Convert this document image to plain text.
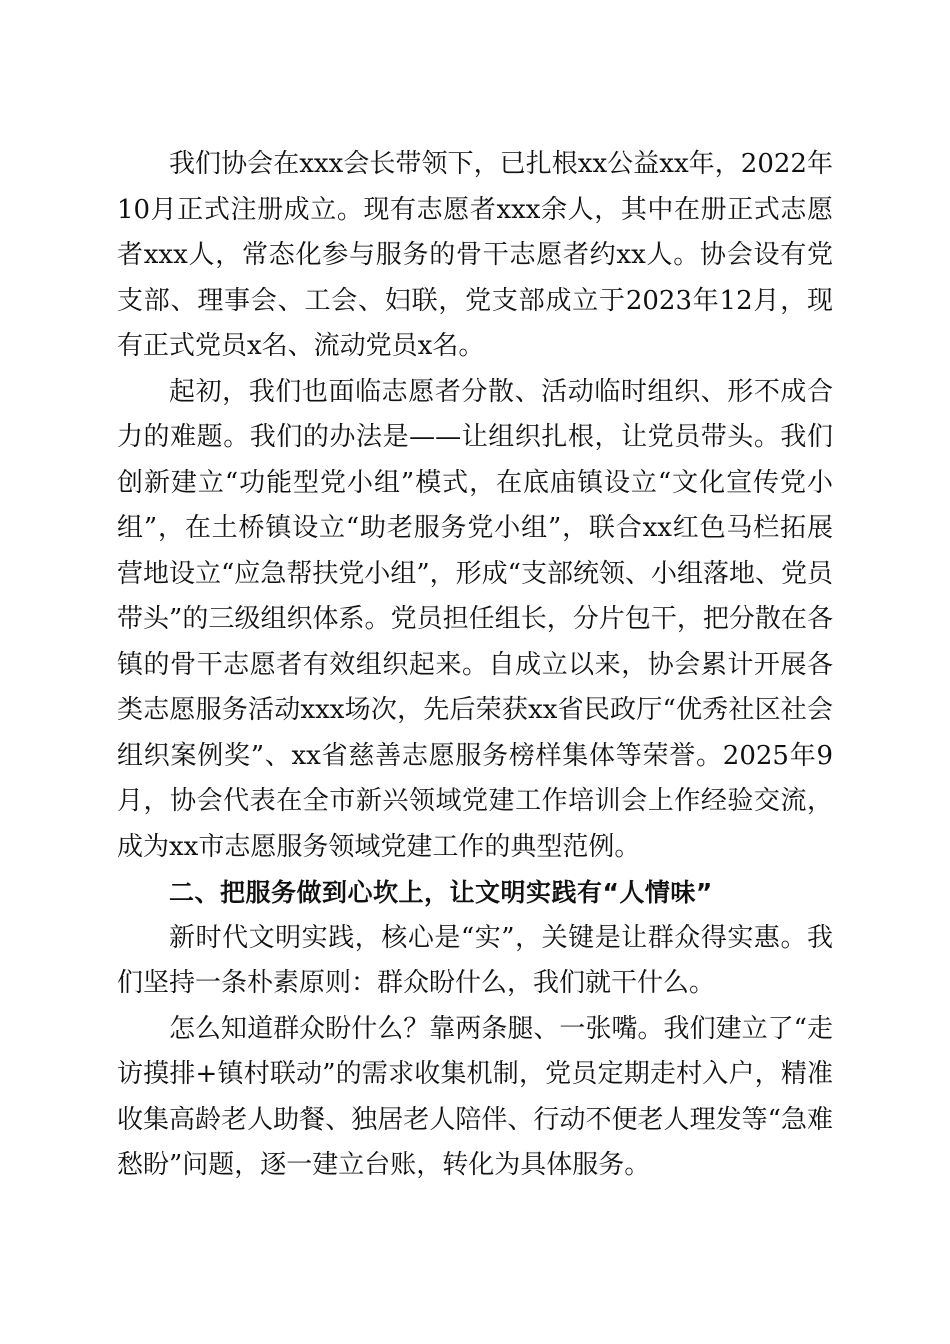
我们协会在xxx会长带领下，已扎根xx公益xx年，2022年10月正式注册成立。现有志愿者xxx余人，其中在册正式志愿者xxx人，常态化参与服务的骨干志愿者约xx人。协会设有党支部、理事会、工会、妇联，党支部成立于2023年12月，现有正式党员x名、流动党员x名。

起初，我们也面临志愿者分散、活动临时组织、形不成合力的难题。我们的办法是——让组织扎根，让党员带头。我们创新建立“功能型党小组”模式，在底庙镇设立“文化宣传党小组”，在土桥镇设立“助老服务党小组”，联合xx红色马栏拓展营地设立“应急帮扶党小组”，形成“支部统领、小组落地、党员带头”的三级组织体系。党员担任组长，分片包干，把分散在各镇的骨干志愿者有效组织起来。自成立以来，协会累计开展各类志愿服务活动xxx场次，先后荣获xx省民政厅“优秀社区社会组织案例奖”、xx省慈善志愿服务榜样集体等荣誉。2025年9月，协会代表在全市新兴领域党建工作培训会上作经验交流，成为xx市志愿服务领域党建工作的典型范例。

二、把服务做到心坎上，让文明实践有“人情味”

新时代文明实践，核心是“实”，关键是让群众得实惠。我们坚持一条朴素原则：群众盼什么，我们就干什么。

怎么知道群众盼什么？靠两条腿、一张嘴。我们建立了“走访摸排+镇村联动”的需求收集机制，党员定期走村入户，精准收集高龄老人助餐、独居老人陪伴、行动不便老人理发等“急难愁盼”问题，逐一建立台账，转化为具体服务。
